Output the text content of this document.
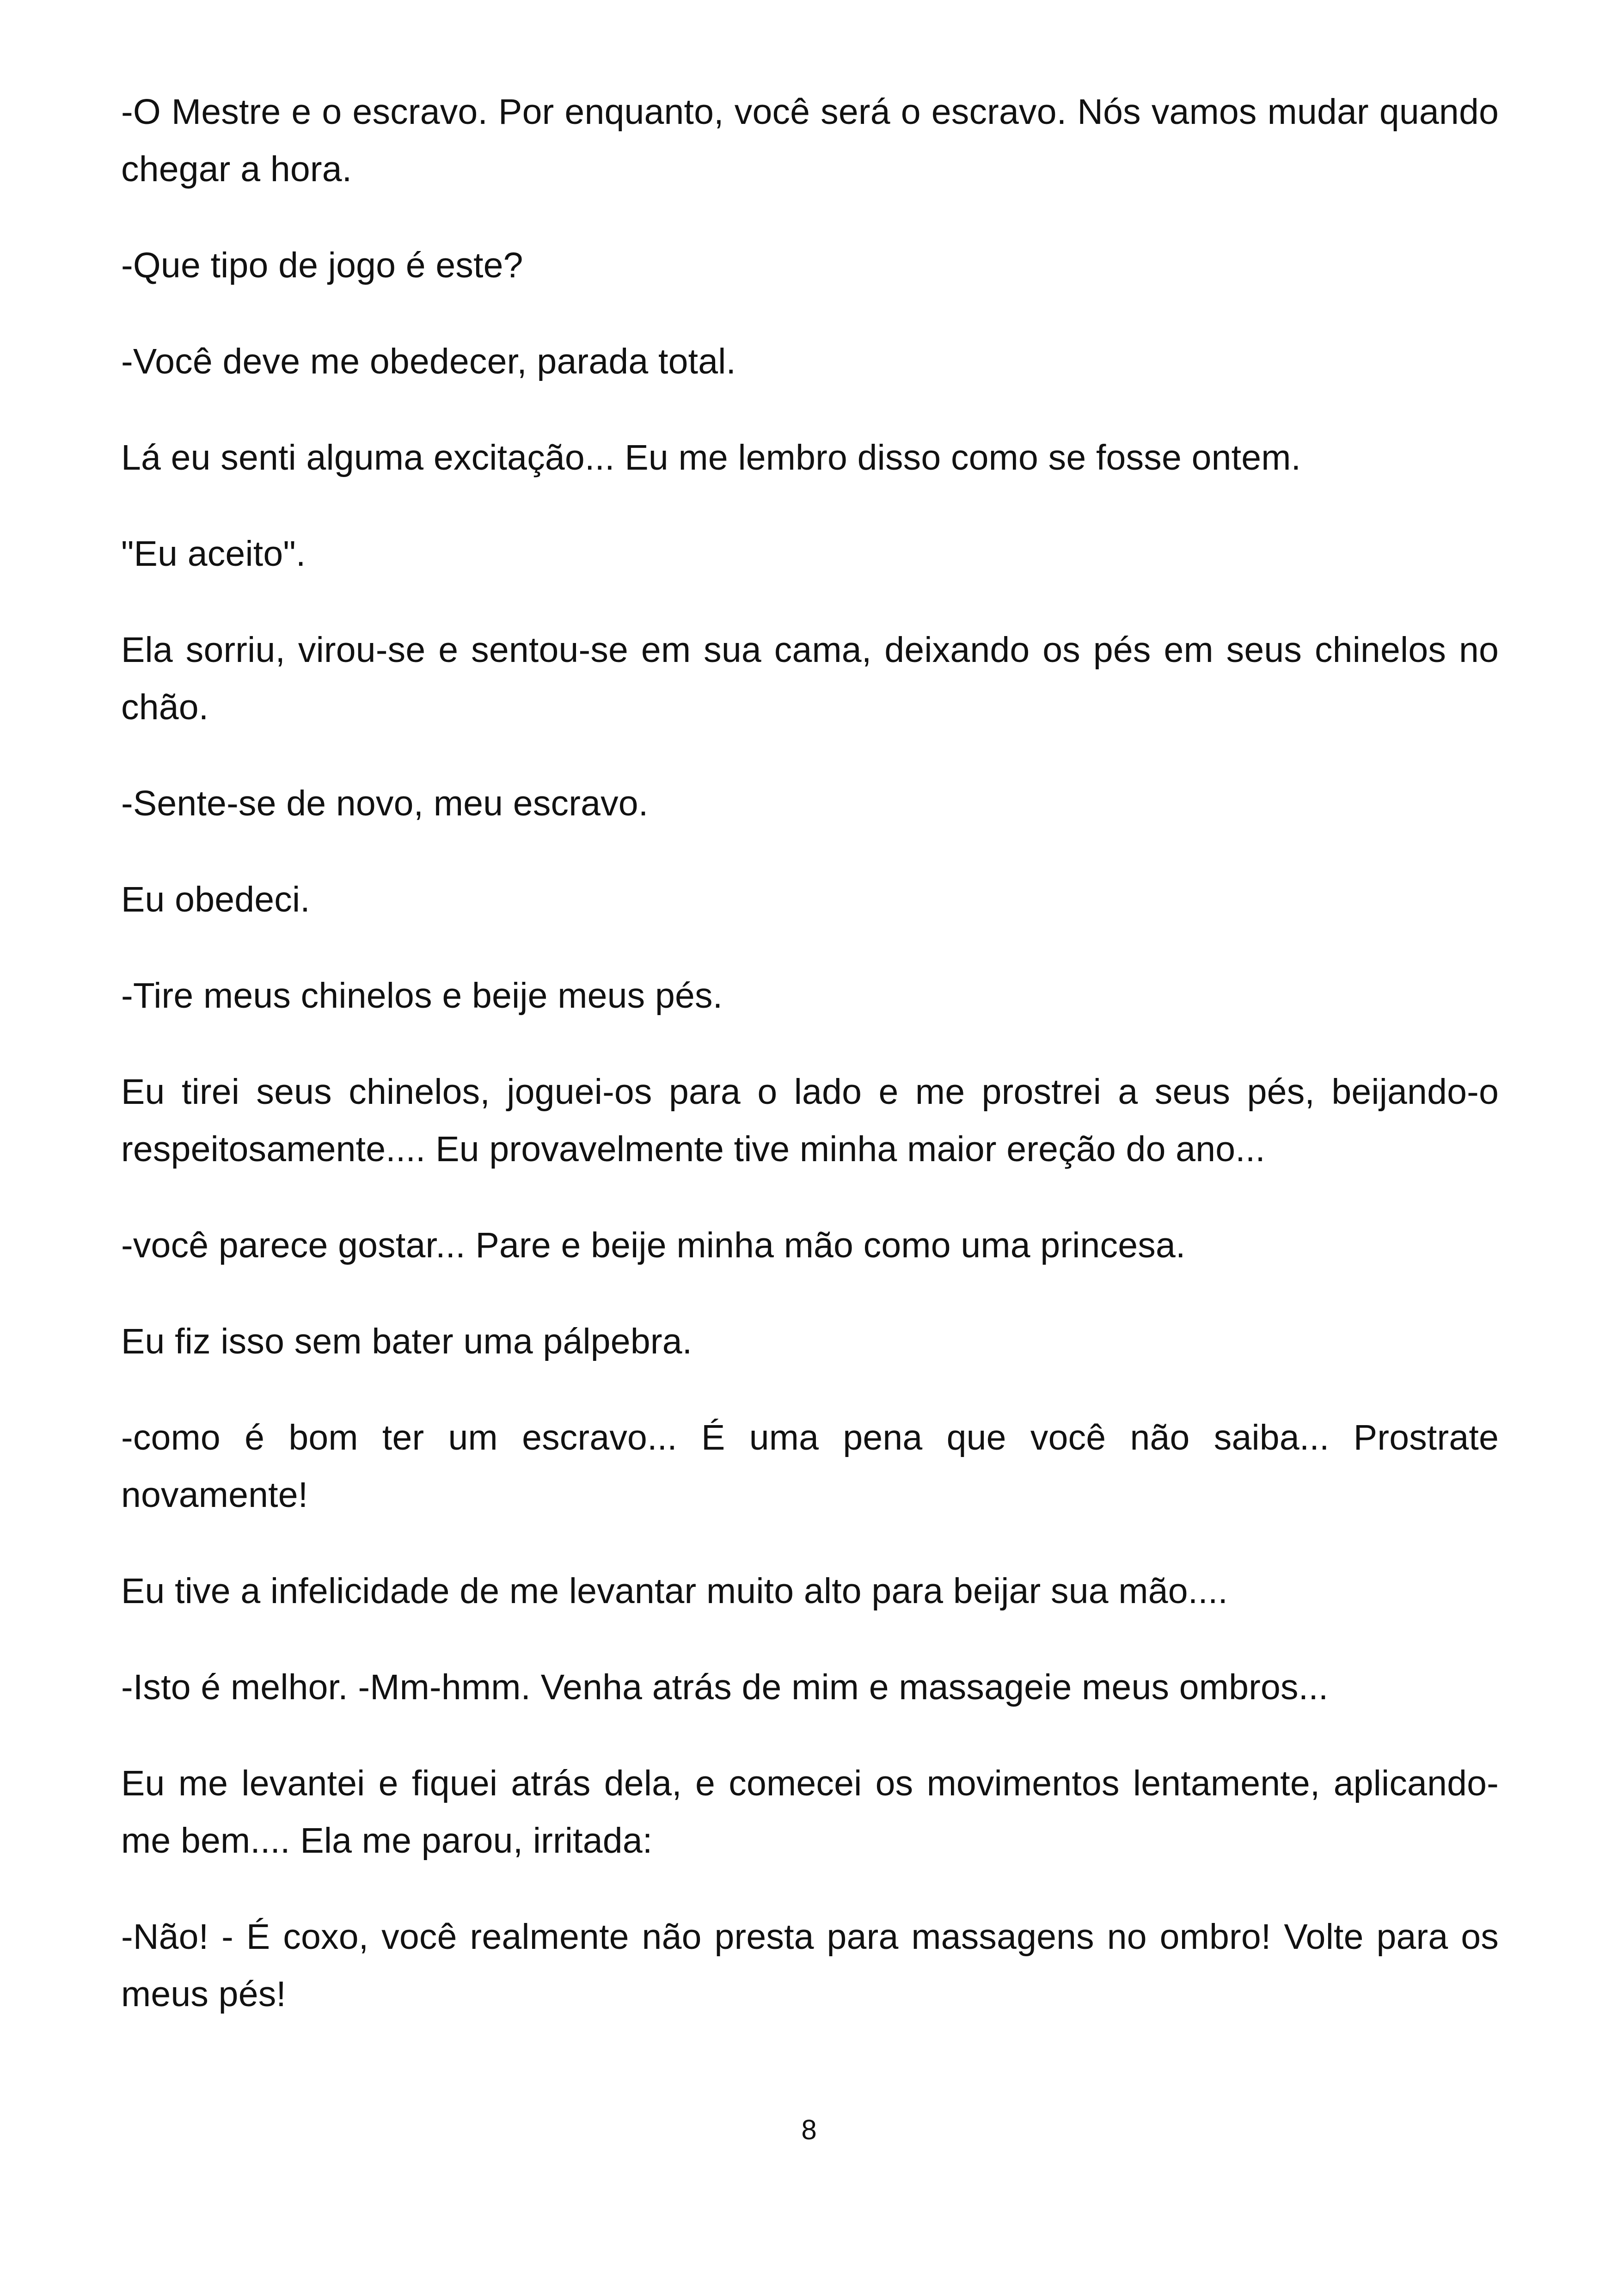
-O Mestre e o escravo. Por enquanto, você será o escravo. Nós vamos mudar quando chegar a hora.

-Que tipo de jogo é este?

-Você deve me obedecer, parada total.

Lá eu senti alguma excitação... Eu me lembro disso como se fosse ontem.

"Eu aceito".

Ela sorriu, virou-se e sentou-se em sua cama, deixando os pés em seus chinelos no chão.

-Sente-se de novo, meu escravo.

Eu obedeci.

-Tire meus chinelos e beije meus pés.

Eu tirei seus chinelos, joguei-os para o lado e me prostrei a seus pés, beijando-o respeitosamente.... Eu provavelmente tive minha maior ereção do ano...

-você parece gostar... Pare e beije minha mão como uma princesa.

Eu fiz isso sem bater uma pálpebra.

-como é bom ter um escravo... É uma pena que você não saiba... Prostrate novamente!

Eu tive a infelicidade de me levantar muito alto para beijar sua mão....

-Isto é melhor. -Mm-hmm. Venha atrás de mim e massageie meus ombros...

Eu me levantei e fiquei atrás dela, e comecei os movimentos lentamente, aplicando-me bem.... Ela me parou, irritada:

-Não! - É coxo, você realmente não presta para massagens no ombro! Volte para os meus pés!

8
